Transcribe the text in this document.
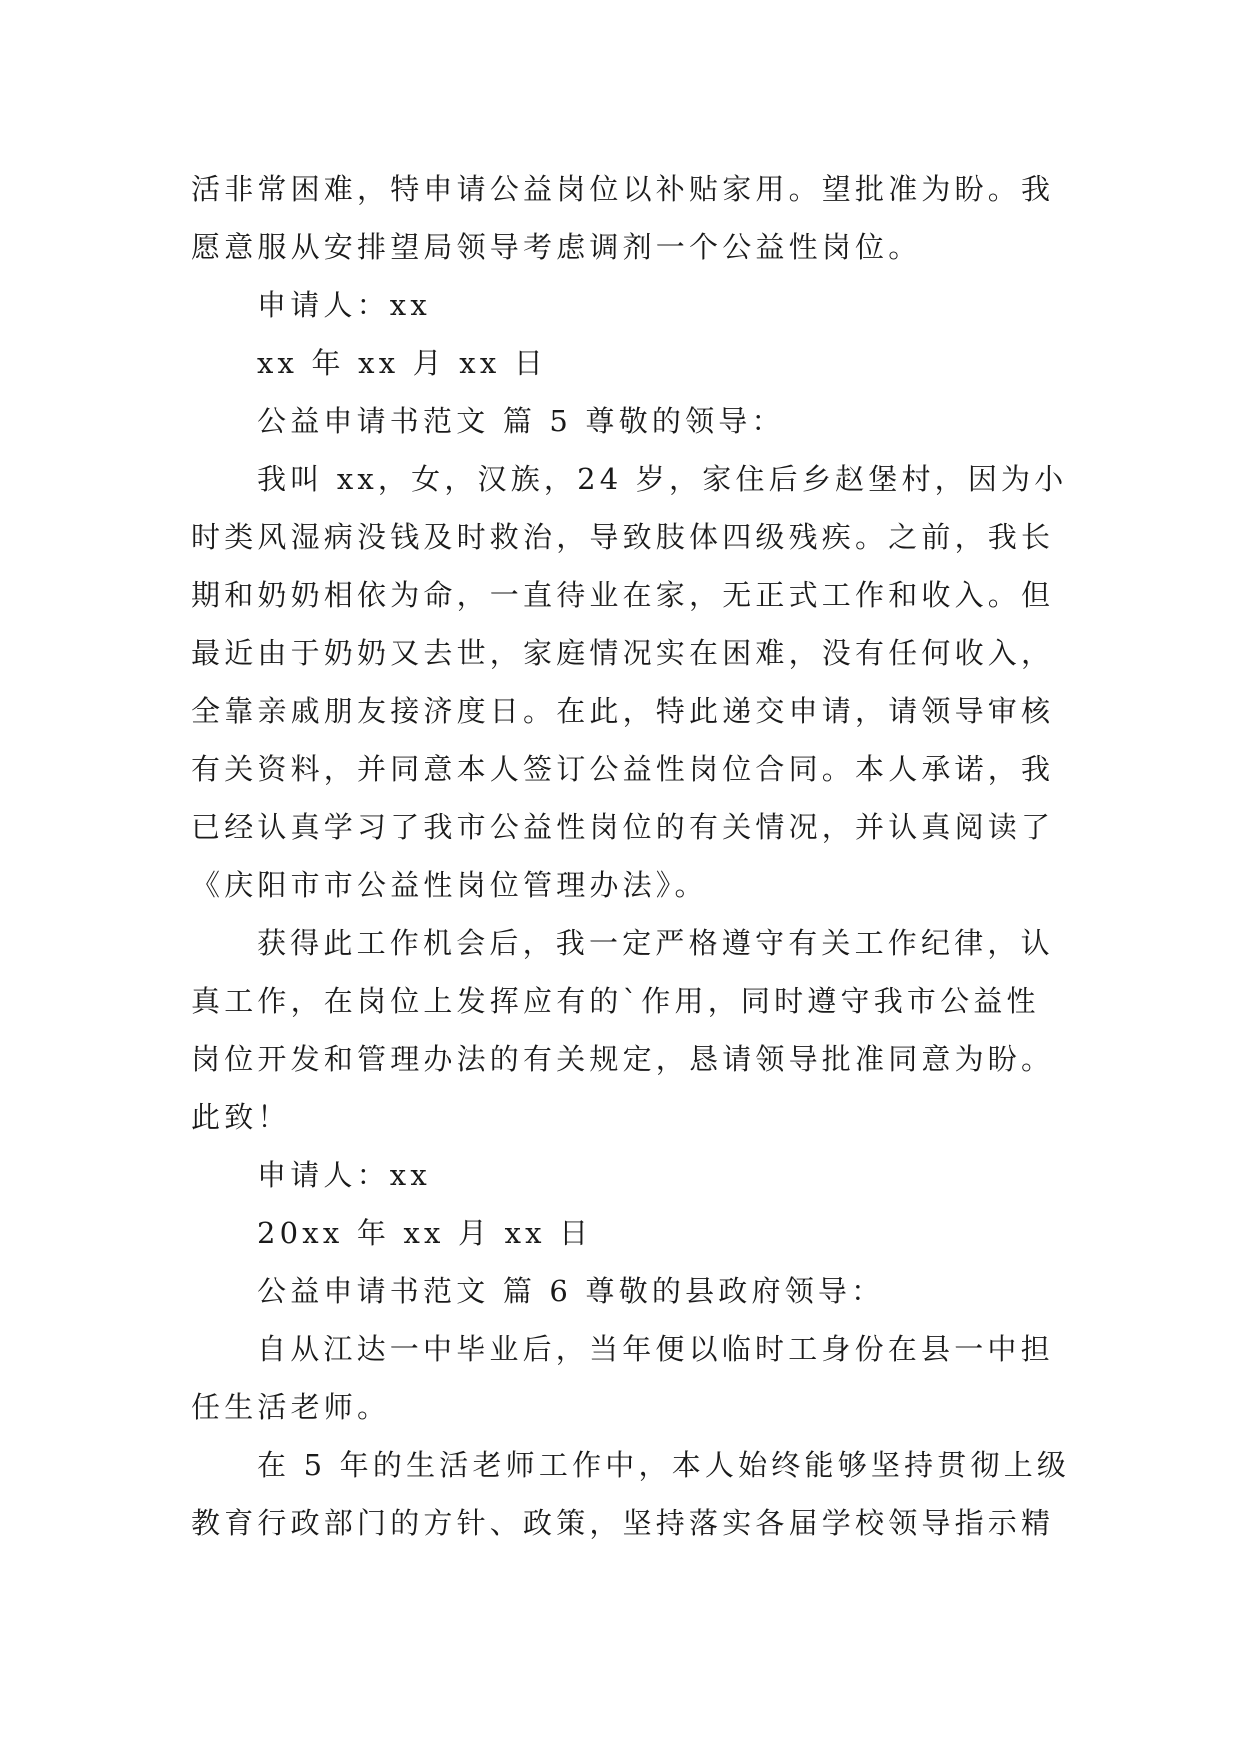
活非常困难，特申请公益岗位以补贴家用。望批准为盼。我
愿意服从安排望局领导考虑调剂一个公益性岗位。
申请人：xx
xx 年 xx 月 xx 日
公益申请书范文 篇 5 尊敬的领导：
我叫 xx，女，汉族，24 岁，家住后乡赵堡村，因为小
时类风湿病没钱及时救治，导致肢体四级残疾。之前，我长
期和奶奶相依为命，一直待业在家，无正式工作和收入。但
最近由于奶奶又去世，家庭情况实在困难，没有任何收入，
全靠亲戚朋友接济度日。在此，特此递交申请，请领导审核
有关资料，并同意本人签订公益性岗位合同。本人承诺，我
已经认真学习了我市公益性岗位的有关情况，并认真阅读了
《庆阳市市公益性岗位管理办法》。
获得此工作机会后，我一定严格遵守有关工作纪律，认
真工作，在岗位上发挥应有的`作用，同时遵守我市公益性
岗位开发和管理办法的有关规定，恳请领导批准同意为盼。
此致！
申请人：xx
20xx 年 xx 月 xx 日
公益申请书范文 篇 6 尊敬的县政府领导：
自从江达一中毕业后，当年便以临时工身份在县一中担
任生活老师。
在 5 年的生活老师工作中，本人始终能够坚持贯彻上级
教育行政部门的方针、政策，坚持落实各届学校领导指示精
